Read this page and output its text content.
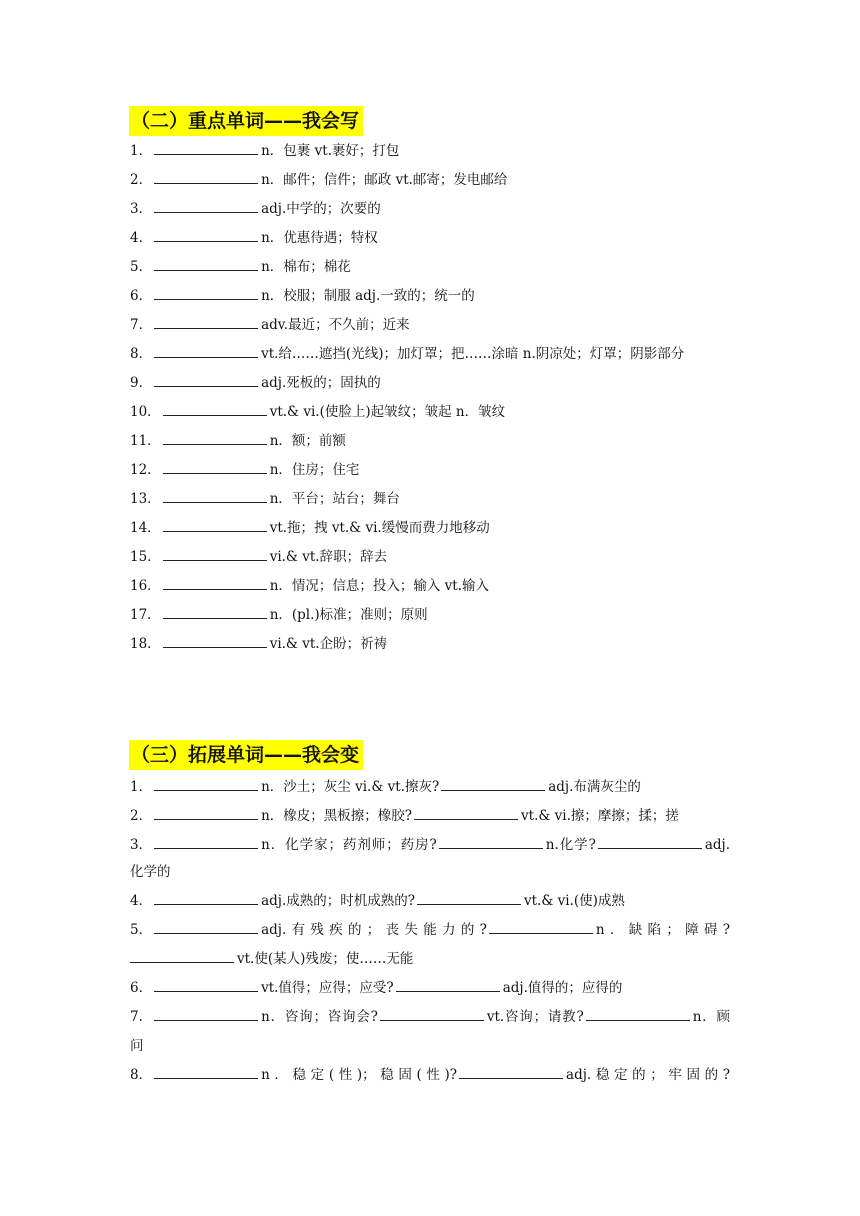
（二）重点单词——我会写
1．	n．包裹 vt.裹好；打包
2．	n．邮件；信件；邮政 vt.邮寄；发电邮给
3．	adj.中学的；次要的
4．	n．优惠待遇；特权
5．	n．棉布；棉花
6．	n．校服；制服 adj.一致的；统一的
7．	adv.最近；不久前；近来
8．	vt.给……遮挡(光线)；加灯罩；把……涂暗 n.阴凉处；灯罩；阴影部分
9．	adj.死板的；固执的
10．	vt.& vi.(使脸上)起皱纹；皱起 n．皱纹
11．	n．额；前额
12．	n．住房；住宅
13．	n．平台；站台；舞台
14．	vt.拖；拽 vt.& vi.缓慢而费力地移动
15．	vi.& vt.辞职；辞去
16．	n．情况；信息；投入；输入 vt.输入
17．	n．(pl.)标准；准则；原则
18．	vi.& vt.企盼；祈祷
（三）拓展单词——我会变
1．	n．沙土；灰尘 vi.& vt.擦灰?	adj.布满灰尘的
2．	n．橡皮；黑板擦；橡胶?	vt.& vi.擦；摩擦；揉；搓
3．	n．化学家；药剂师；药房?	n.化学?	adj.
化学的
4．	adj.成熟的；时机成熟的?	vt.& vi.(使)成熟
5．	adj.有残疾的；丧失能力的?	n．缺陷；障碍?
vt.使(某人)残废；使……无能
6．	vt.值得；应得；应受?	adj.值得的；应得的
7．	n．咨询；咨询会?	vt.咨询；请教?	n．顾
问
8．	n．稳定(性)；稳固(性)?	adj.稳定的；牢固的?
